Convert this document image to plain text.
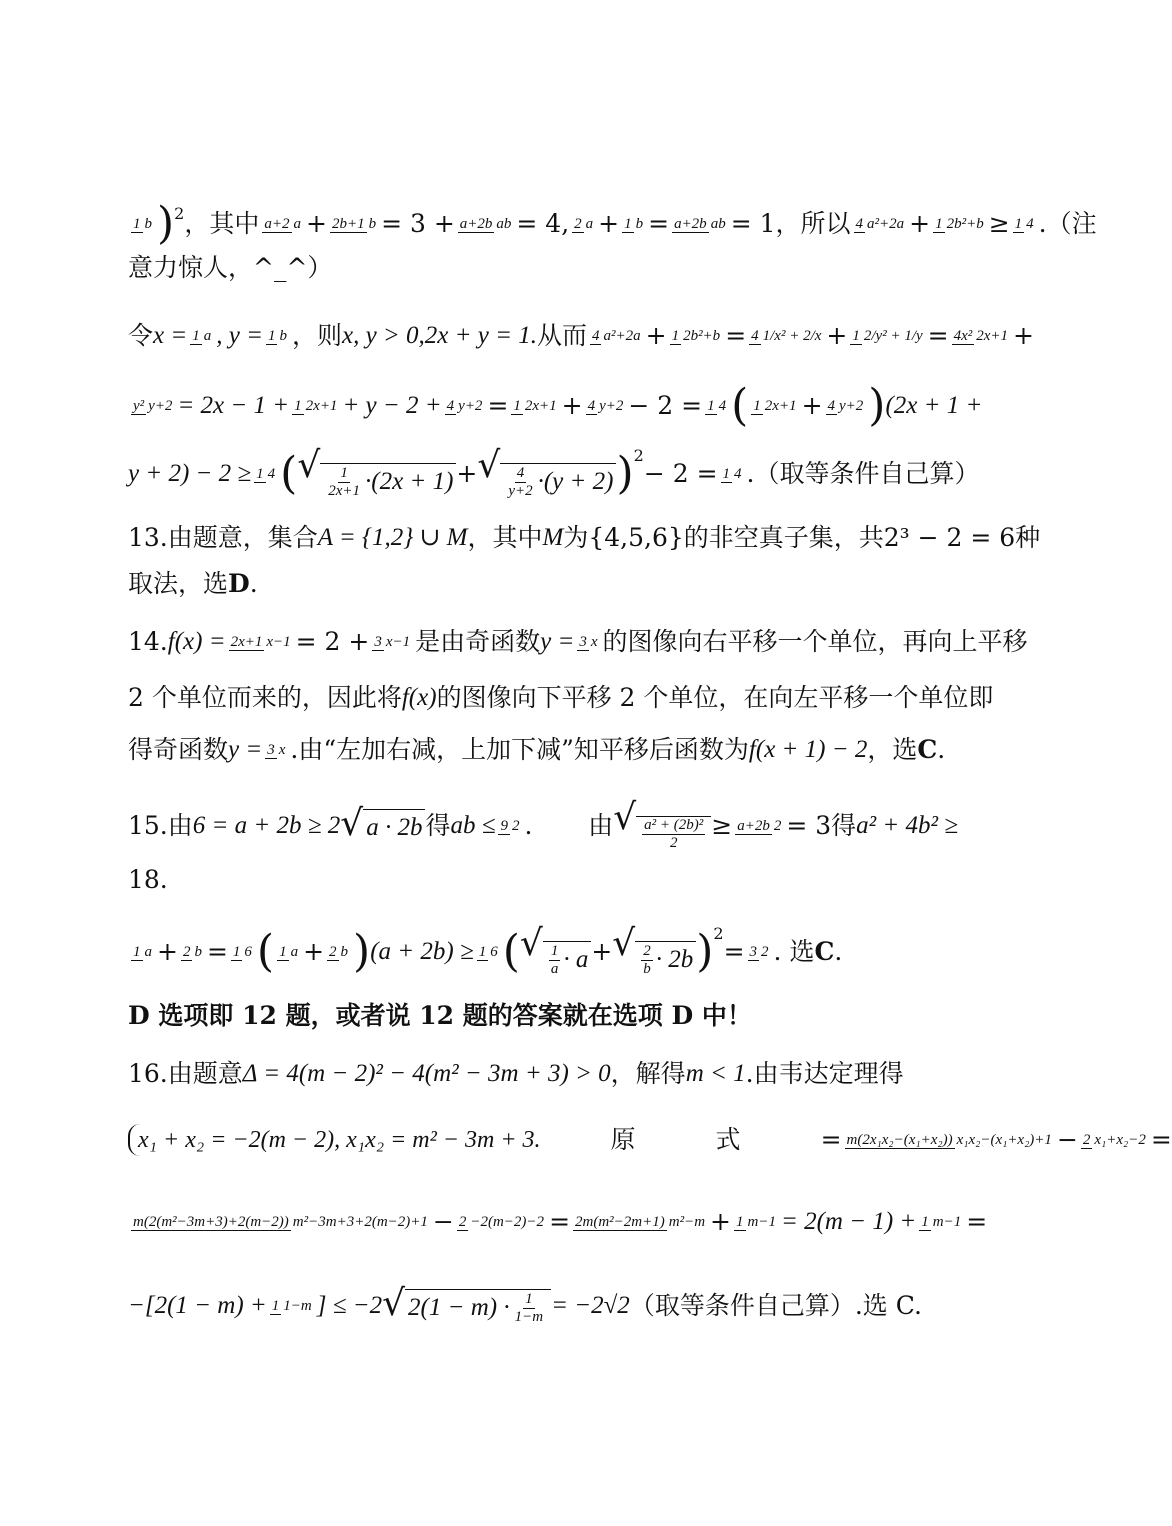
1 b )$^2$ ，其中 a+2 a + 2b+1 b = 3 + a+2b ab = 4, 2 a + 1 b = a+2b ab = 1，所以 4 a²+2a + 1 2b²+b ≥ 1 4 .（注
意力惊人，^_^）
令 x = 1 a , y = 1 b ，则 x, y > 0,2x + y = 1. 从而 4 a²+2a + 1 2b²+b = 4 1/x² + 2/x + 1 2/y² + 1/y = 4x² 2x+1 +
y² y+2 = 2x − 1 + 1 2x+1 + y − 2 + 4 y+2 = 1 2x+1 + 4 y+2 − 2 = 1 4 ( 1 2x+1 + 4 y+2 ) (2x + 1 +
y + 2) − 2 ≥ 1 4 ( √ $\frac{1}{2x+1} \cdot(2x + 1)$ + √ $\frac{4}{y+2} \cdot(y + 2)$ )$^2$
− 2 = 1 4 .（取等条件自己算）
13.由题意，集合 A = {1,2} ∪ M ，其中 M 为{4,5,6}的非空真子集，共2³ − 2 = 6种
取法，选 D .
14. f(x) = 2x+1 x−1 = 2 + 3 x−1 是由奇函数 y = 3 x 的图像向右平移一个单位，再向上平移
2 个单位而来的，因此将 f(x) 的图像向下平移 2 个单位，在向左平移一个单位即
得奇函数 y = 3 x .由“左加右减，上加下减”知平移后函数为 f(x + 1) − 2 ，选 C .
15.由 6 = a + 2b ≥ 2 √ a · 2b 得 ab ≤ 9 2 . 由 √ $\frac{\text{a² + (2b)²}}{2} \ge a+2b$ 2 = 3 得 a² + 4b² ≥
18.
1 a + 2 b = 1 6 ( 1 a + 2 b ) (a + 2b) ≥ 1 6 ( √ $\frac{1}{a} \cdot a$ + √ $\frac{2}{b} \cdot 2b$ )$^2$
= 3 2 . 选 C .
D 选项即 12 题，或者说 12 题的答案就在选项 D 中！
16.由题意 Δ = 4(m − 2)² − 4(m² − 3m + 3) > 0 ，解得 m < 1 .由韦达定理得
x₁ + x₂ = −2(m − 2), x₁x₂ = m² − 3m + 3.	原	式	= m(2x₁x₂−(x₁+x₂)) x₁x₂−(x₁+x₂)+1 − 2 x₁+x₂−2 =
m(2(m²−3m+3)+2(m−2)) m²−3m+3+2(m−2)+1 − 2 −2(m−2)−2 = 2m(m²−2m+1) m²−m + 1 m−1 = 2(m − 1) + 1 m−1 =
−[2(1 − m) + 1 1−m ] ≤ −2 √ $2(1 - m) \cdot \frac{1}{1-m} = -2√2$ （取等条件自己算）.选 C.
